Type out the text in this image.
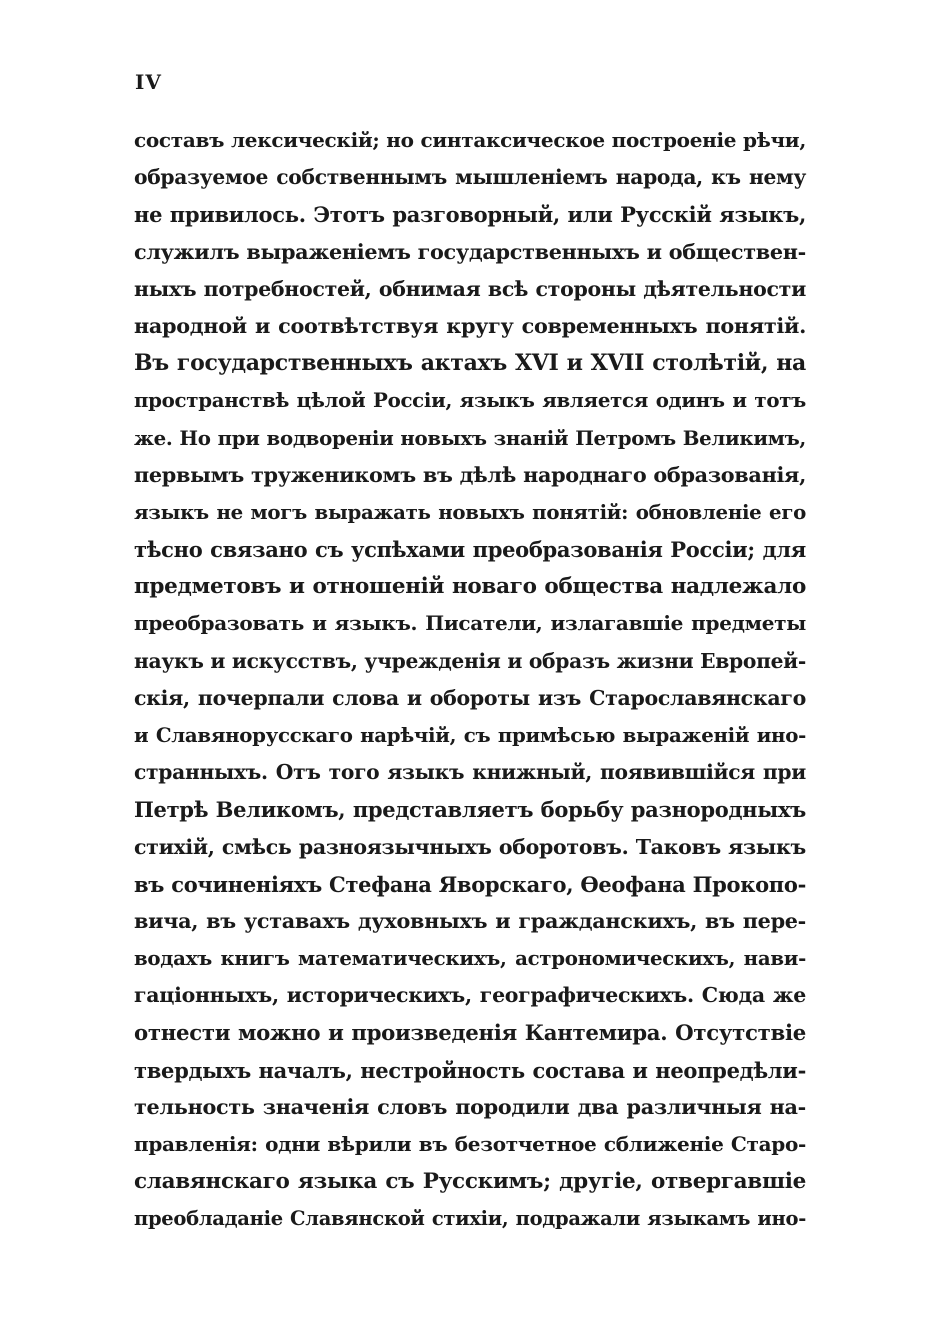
IV
составъ лексическій; но синтаксическое построеніе рѣчи,
образуемое собственнымъ мышленіемъ народа, къ нему
не привилось. Этотъ разговорный, или Русскій языкъ,
служилъ выраженіемъ государственныхъ и обществен-
ныхъ потребностей, обнимая всѣ стороны дѣятельности
народной и соотвѣтствуя кругу современныхъ понятій.
Въ государственныхъ актахъ XVI и XVII столѣтій, на
пространствѣ цѣлой Россіи, языкъ является одинъ и тотъ
же. Но при водвореніи новыхъ знаній Петромъ Великимъ,
первымъ труженикомъ въ дѣлѣ народнаго образованія,
языкъ не могъ выражать новыхъ понятій: обновленіе его
тѣсно связано съ успѣхами преобразованія Россіи; для
предметовъ и отношеній новаго общества надлежало
преобразовать и языкъ. Писатели, излагавшіе предметы
наукъ и искусствъ, учрежденія и образъ жизни Европей-
скія, почерпали слова и обороты изъ Старославянскаго
и Славянорусскаго нарѣчій, съ примѣсью выраженій ино-
странныхъ. Отъ того языкъ книжный, появившійся при
Петрѣ Великомъ, представляетъ борьбу разнородныхъ
стихій, смѣсь разноязычныхъ оборотовъ. Таковъ языкъ
въ сочиненіяхъ Стефана Яворскаго, Ѳеофана Прокопо-
вича, въ уставахъ духовныхъ и гражданскихъ, въ пере-
водахъ книгъ математическихъ, астрономическихъ, нави-
гаціонныхъ, историческихъ, географическихъ. Сюда же
отнести можно и произведенія Кантемира. Отсутствіе
твердыхъ началъ, нестройность состава и неопредѣли-
тельность значенія словъ породили два различныя на-
правленія: одни вѣрили въ безотчетное сближеніе Старо-
славянскаго языка съ Русскимъ; другіе, отвергавшіе
преобладаніе Славянской стихіи, подражали языкамъ ино-
